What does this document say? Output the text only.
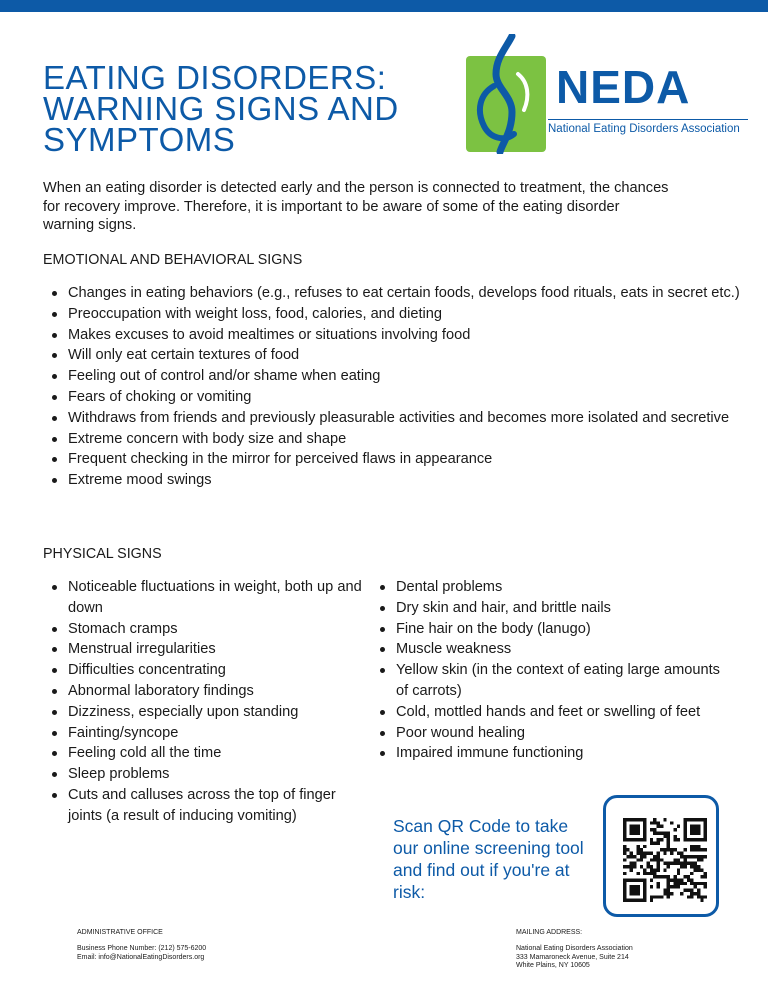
EATING DISORDERS:
WARNING SIGNS AND
SYMPTOMS
NEDA
National Eating Disorders Association

When an eating disorder is detected early and the person is connected to treatment, the chances for recovery improve. Therefore, it is important to be aware of some of the eating disorder warning signs.

EMOTIONAL AND BEHAVIORAL SIGNS
Changes in eating behaviors (e.g., refuses to eat certain foods, develops food rituals, eats in secret etc.)
Preoccupation with weight loss, food, calories, and dieting
Makes excuses to avoid mealtimes or situations involving food
Will only eat certain textures of food
Feeling out of control and/or shame when eating
Fears of choking or vomiting
Withdraws from friends and previously pleasurable activities and becomes more isolated and secretive
Extreme concern with body size and shape
Frequent checking in the mirror for perceived flaws in appearance
Extreme mood swings
PHYSICAL SIGNS
Noticeable fluctuations in weight, both up and down
Stomach cramps
Menstrual irregularities
Difficulties concentrating
Abnormal laboratory findings
Dizziness, especially upon standing
Fainting/syncope
Feeling cold all the time
Sleep problems
Cuts and calluses across the top of finger joints (a result of inducing vomiting)
Dental problems
Dry skin and hair, and brittle nails
Fine hair on the body (lanugo)
Muscle weakness
Yellow skin (in the context of eating large amounts of carrots)
Cold, mottled hands and feet or swelling of feet
Poor wound healing
Impaired immune functioning

Scan QR Code to take our online screening tool and find out if you're at risk:

ADMINISTRATIVE OFFICE
Business Phone Number: (212) 575-6200
Email: info@NationalEatingDisorders.org
MAILING ADDRESS:
National Eating Disorders Association
333 Mamaroneck Avenue, Suite 214
White Plains, NY 10605
